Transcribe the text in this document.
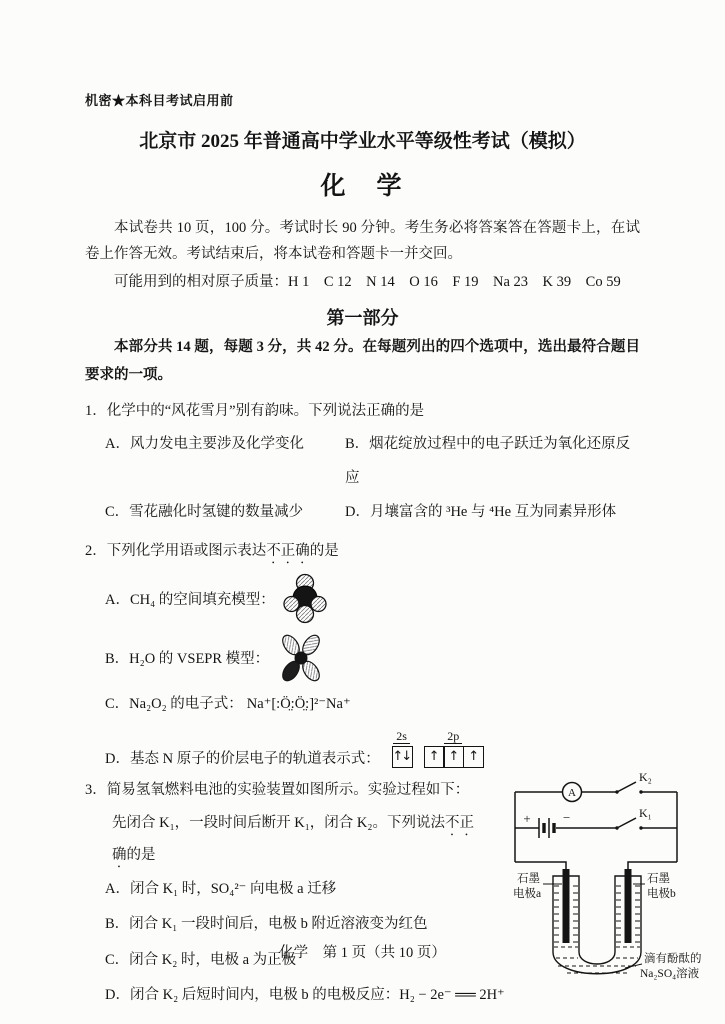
机密★本科目考试启用前
北京市 2025 年普通高中学业水平等级性考试（模拟）
化　学

本试卷共 10 页，100 分。考试时长 90 分钟。考生务必将答案答在答题卡上，在试卷上作答无效。考试结束后，将本试卷和答题卡一并交回。

可能用到的相对原子质量：H 1　C 12　N 14　O 16　F 19　Na 23　K 39　Co 59

第一部分

本部分共 14 题，每题 3 分，共 42 分。在每题列出的四个选项中，选出最符合题目要求的一项。

1．化学中的“风花雪月”别有韵味。下列说法正确的是
A．风力发电主要涉及化学变化	B．烟花绽放过程中的电子跃迁为氧化还原反应
C．雪花融化时氢键的数量减少	D．月壤富含的 ³He 与 ⁴He 互为同素异形体
2．下列化学用语或图示表达不正确的是
A．CH₄ 的空间填充模型：
B．H₂O 的 VSEPR 模型：
C．Na₂O₂ 的电子式： Na⁺[:Ö̤:Ö̤:]²⁻Na⁺
D．基态 N 原子的价层电子的轨道表示式：
2s
↑↓
2p
↑ ↑ ↑
3．简易氢氧燃料电池的实验装置如图所示。实验过程如下：先闭合 K₁，一段时间后断开 K₁，闭合 K₂。下列说法不正确的是
A．闭合 K₁ 时，SO₄²⁻ 向电极 a 迁移
B．闭合 K₁ 一段时间后，电极 b 附近溶液变为红色
C．闭合 K₂ 时，电极 a 为正极
D．闭合 K₂ 后短时间内，电极 b 的电极反应：H₂ − 2e⁻ ══ 2H⁺
A
K₂
K₁
+ −
石墨
电极a
石墨
电极b
滴有酚酞的
Na₂SO₄溶液
化学　第 1 页（共 10 页）
